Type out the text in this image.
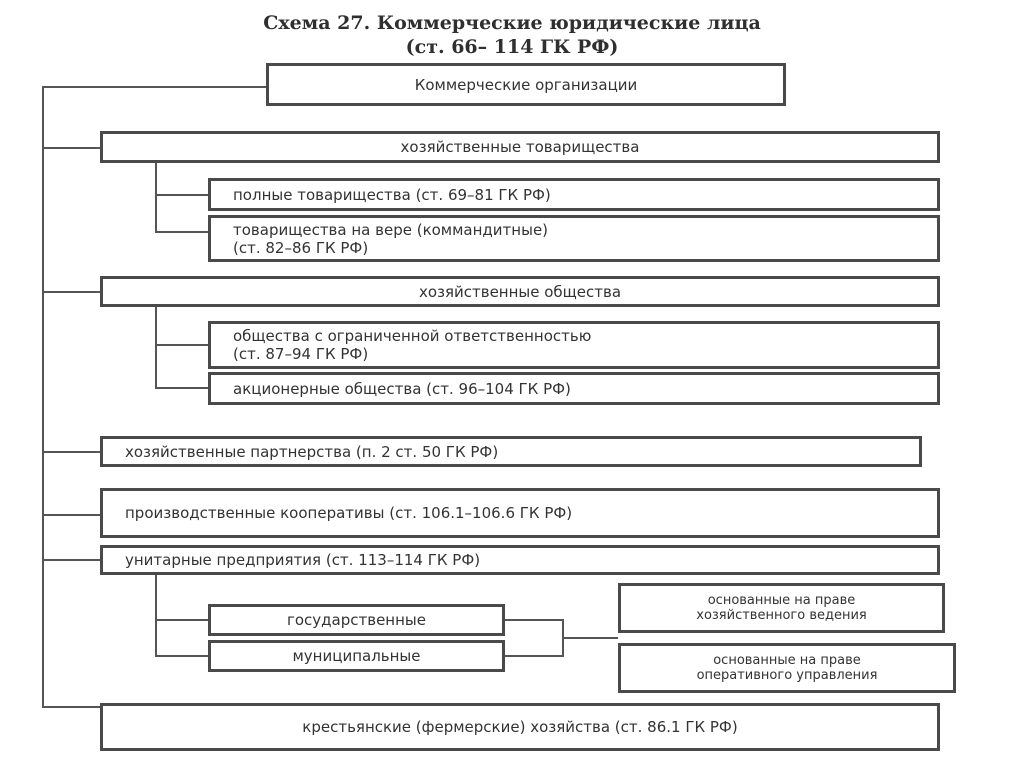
Схема 27. Коммерческие юридические лица
(ст. 66– 114 ГК РФ)
Коммерческие организации
хозяйственные товарищества
полные товарищества (ст. 69–81 ГК РФ)
товарищества на вере (коммандитные)
(ст. 82–86 ГК РФ)
хозяйственные общества
общества с ограниченной ответственностью
(ст. 87–94 ГК РФ)
акционерные общества (ст. 96–104 ГК РФ)
хозяйственные партнерства (п. 2 ст. 50 ГК РФ)
производственные кооперативы (ст. 106.1–106.6 ГК РФ)
унитарные предприятия (ст. 113–114 ГК РФ)
государственные
муниципальные
основанные на праве
хозяйственного ведения
основанные на праве
оперативного управления
крестьянские (фермерские) хозяйства (ст. 86.1 ГК РФ)
